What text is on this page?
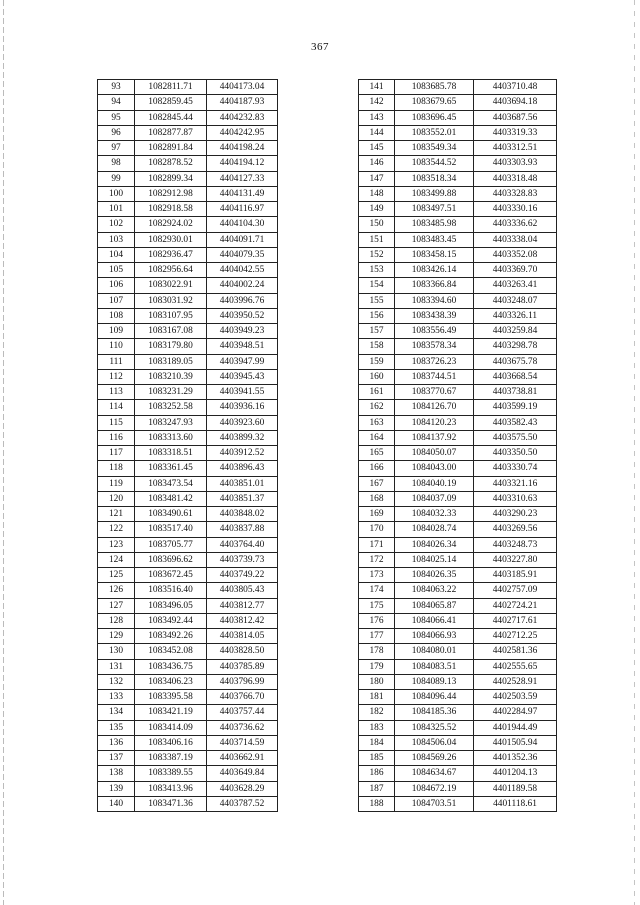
367
93	1082811.71	4404173.04
94	1082859.45	4404187.93
95	1082845.44	4404232.83
96	1082877.87	4404242.95
97	1082891.84	4404198.24
98	1082878.52	4404194.12
99	1082899.34	4404127.33
100	1082912.98	4404131.49
101	1082918.58	4404116.97
102	1082924.02	4404104.30
103	1082930.01	4404091.71
104	1082936.47	4404079.35
105	1082956.64	4404042.55
106	1083022.91	4404002.24
107	1083031.92	4403996.76
108	1083107.95	4403950.52
109	1083167.08	4403949.23
110	1083179.80	4403948.51
111	1083189.05	4403947.99
112	1083210.39	4403945.43
113	1083231.29	4403941.55
114	1083252.58	4403936.16
115	1083247.93	4403923.60
116	1083313.60	4403899.32
117	1083318.51	4403912.52
118	1083361.45	4403896.43
119	1083473.54	4403851.01
120	1083481.42	4403851.37
121	1083490.61	4403848.02
122	1083517.40	4403837.88
123	1083705.77	4403764.40
124	1083696.62	4403739.73
125	1083672.45	4403749.22
126	1083516.40	4403805.43
127	1083496.05	4403812.77
128	1083492.44	4403812.42
129	1083492.26	4403814.05
130	1083452.08	4403828.50
131	1083436.75	4403785.89
132	1083406.23	4403796.99
133	1083395.58	4403766.70
134	1083421.19	4403757.44
135	1083414.09	4403736.62
136	1083406.16	4403714.59
137	1083387.19	4403662.91
138	1083389.55	4403649.84
139	1083413.96	4403628.29
140	1083471.36	4403787.52
141	1083685.78	4403710.48
142	1083679.65	4403694.18
143	1083696.45	4403687.56
144	1083552.01	4403319.33
145	1083549.34	4403312.51
146	1083544.52	4403303.93
147	1083518.34	4403318.48
148	1083499.88	4403328.83
149	1083497.51	4403330.16
150	1083485.98	4403336.62
151	1083483.45	4403338.04
152	1083458.15	4403352.08
153	1083426.14	4403369.70
154	1083366.84	4403263.41
155	1083394.60	4403248.07
156	1083438.39	4403326.11
157	1083556.49	4403259.84
158	1083578.34	4403298.78
159	1083726.23	4403675.78
160	1083744.51	4403668.54
161	1083770.67	4403738.81
162	1084126.70	4403599.19
163	1084120.23	4403582.43
164	1084137.92	4403575.50
165	1084050.07	4403350.50
166	1084043.00	4403330.74
167	1084040.19	4403321.16
168	1084037.09	4403310.63
169	1084032.33	4403290.23
170	1084028.74	4403269.56
171	1084026.34	4403248.73
172	1084025.14	4403227.80
173	1084026.35	4403185.91
174	1084063.22	4402757.09
175	1084065.87	4402724.21
176	1084066.41	4402717.61
177	1084066.93	4402712.25
178	1084080.01	4402581.36
179	1084083.51	4402555.65
180	1084089.13	4402528.91
181	1084096.44	4402503.59
182	1084185.36	4402284.97
183	1084325.52	4401944.49
184	1084506.04	4401505.94
185	1084569.26	4401352.36
186	1084634.67	4401204.13
187	1084672.19	4401189.58
188	1084703.51	4401118.61
